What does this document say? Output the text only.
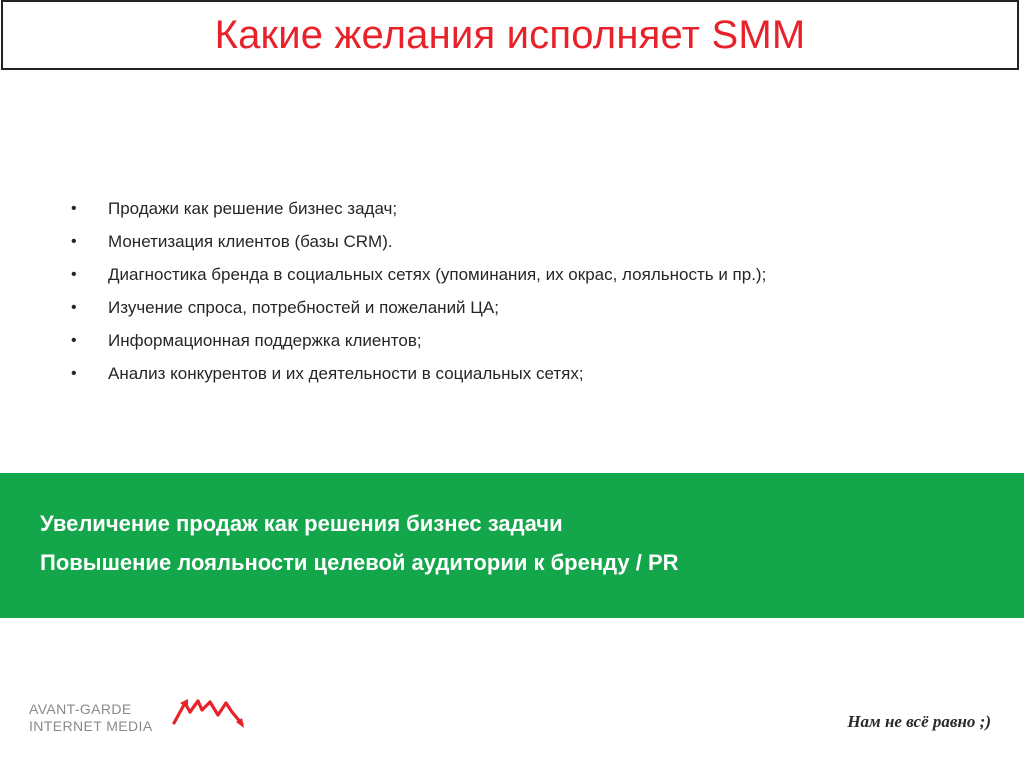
Какие желания исполняет SMM
• Продажи как решение бизнес задач;
• Монетизация клиентов (базы CRM).
• Диагностика бренда в социальных сетях (упоминания, их окрас, лояльность и пр.);
• Изучение спроса, потребностей и пожеланий ЦА;
• Информационная поддержка клиентов;
• Анализ конкурентов и их деятельности в социальных сетях;
Увеличение продаж как решения бизнес задачи
Повышение лояльности целевой аудитории к бренду / PR
AVANT-GARDE
INTERNET MEDIA	Нам не всё равно ;)
